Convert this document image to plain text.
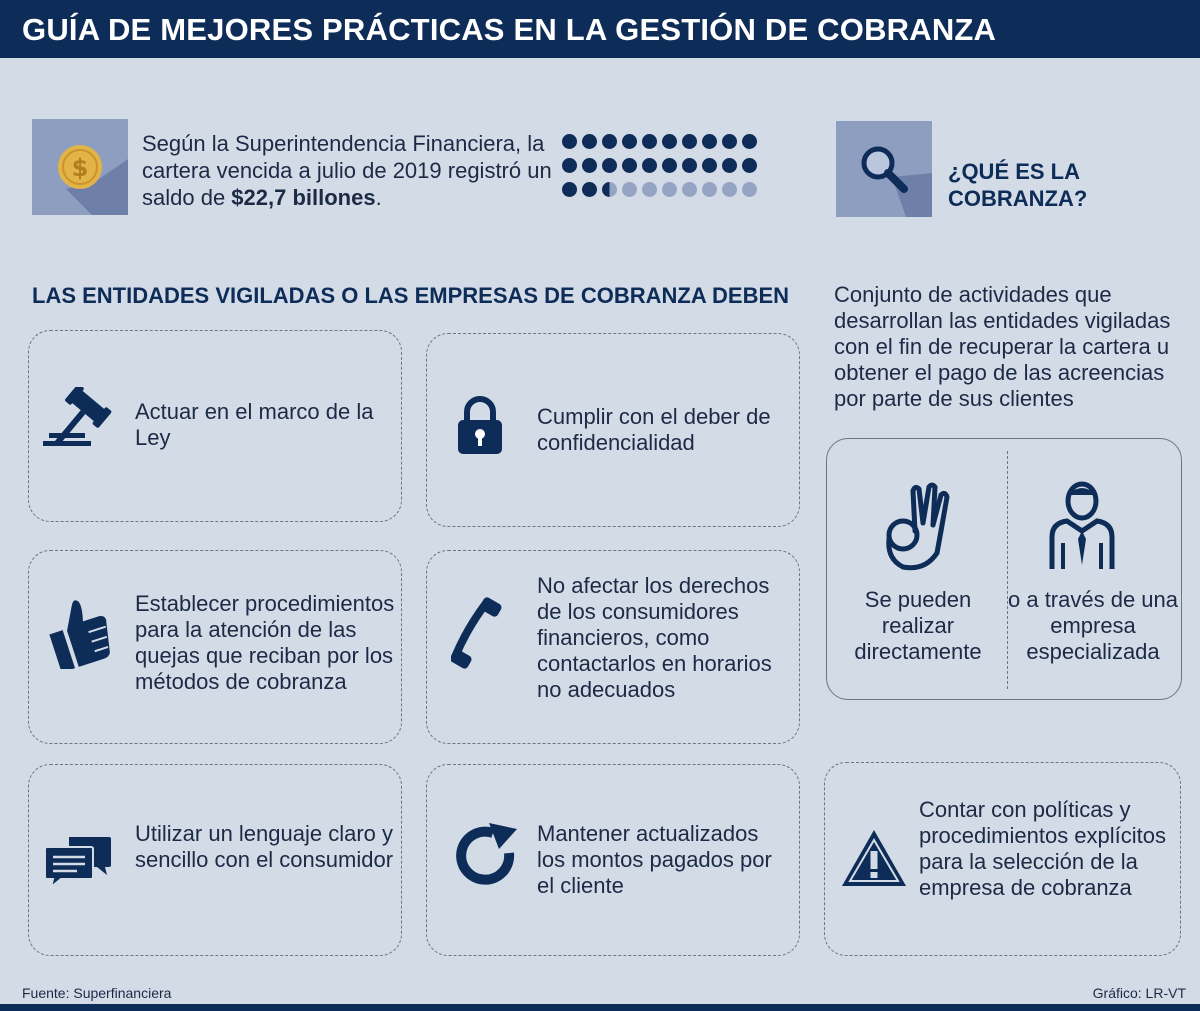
GUÍA DE MEJORES PRÁCTICAS EN LA GESTIÓN DE COBRANZA
$
Según la Superintendencia Financiera, la cartera vencida a julio de 2019 registró un saldo de $22,7 billones.
¿QUÉ ES LA COBRANZA?
LAS ENTIDADES VIGILADAS O LAS EMPRESAS DE COBRANZA DEBEN Conjunto de actividades que desarrollan las entidades vigiladas con el fin de recuperar la cartera u obtener el pago de las acreencias por parte de sus clientes
Actuar en el marco de la Ley
Cumplir con el deber de confidencialidad
Establecer procedimientos para la atención de las quejas que reciban por los métodos de cobranza
No afectar los derechos de los consumidores financieros, como contactarlos en horarios no adecuados
Utilizar un lenguaje claro y sencillo con el consumidor
Mantener actualizados los montos pagados por el cliente
Contar con políticas y procedimientos explícitos para la selección de la empresa de cobranza
Se pueden realizar directamente
o a través de una empresa especializada
Fuente: Superfinanciera	Gráfico: LR-VT
